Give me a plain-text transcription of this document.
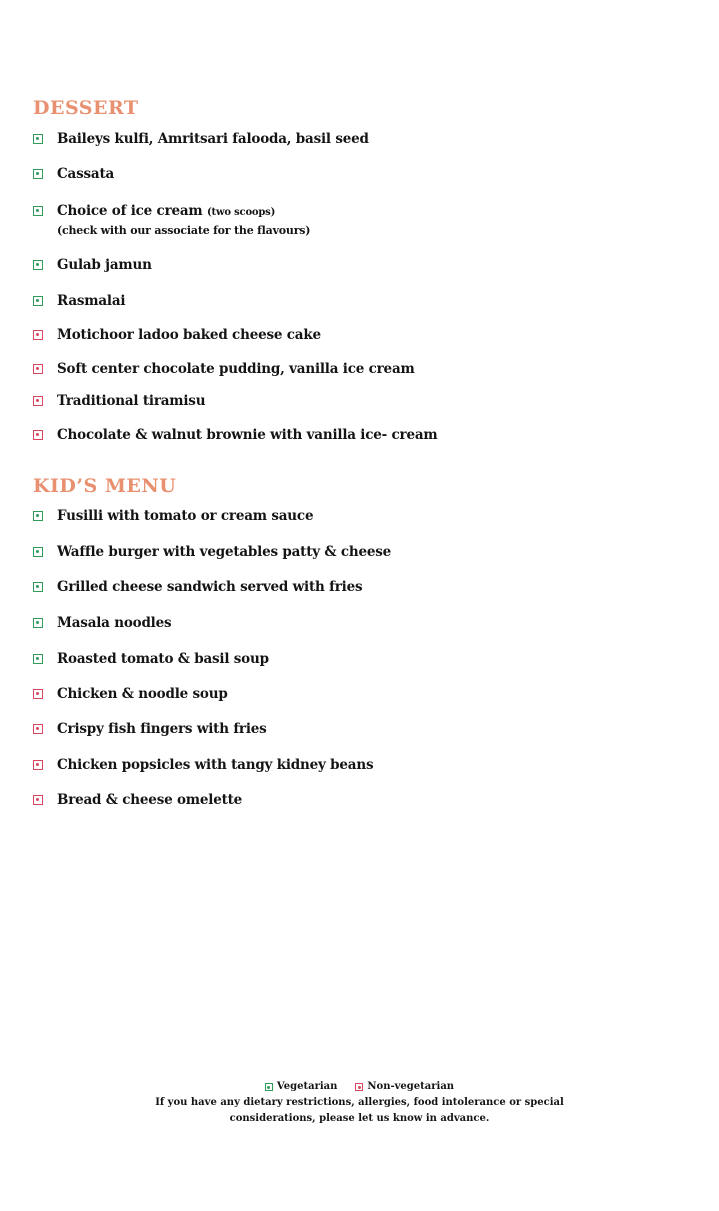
DESSERT
Baileys kulfi, Amritsari falooda, basil seed
Cassata
Choice of ice cream (two scoops)
(check with our associate for the flavours)
Gulab jamun
Rasmalai
Motichoor ladoo baked cheese cake
Soft center chocolate pudding, vanilla ice cream
Traditional tiramisu
Chocolate & walnut brownie with vanilla ice- cream
KID’S MENU
Fusilli with tomato or cream sauce
Waffle burger with vegetables patty & cheese
Grilled cheese sandwich served with fries
Masala noodles
Roasted tomato & basil soup
Chicken & noodle soup
Crispy fish fingers with fries
Chicken popsicles with tangy kidney beans
Bread & cheese omelette
Vegetarian	Non-vegetarian
If you have any dietary restrictions, allergies, food intolerance or special
considerations, please let us know in advance.
